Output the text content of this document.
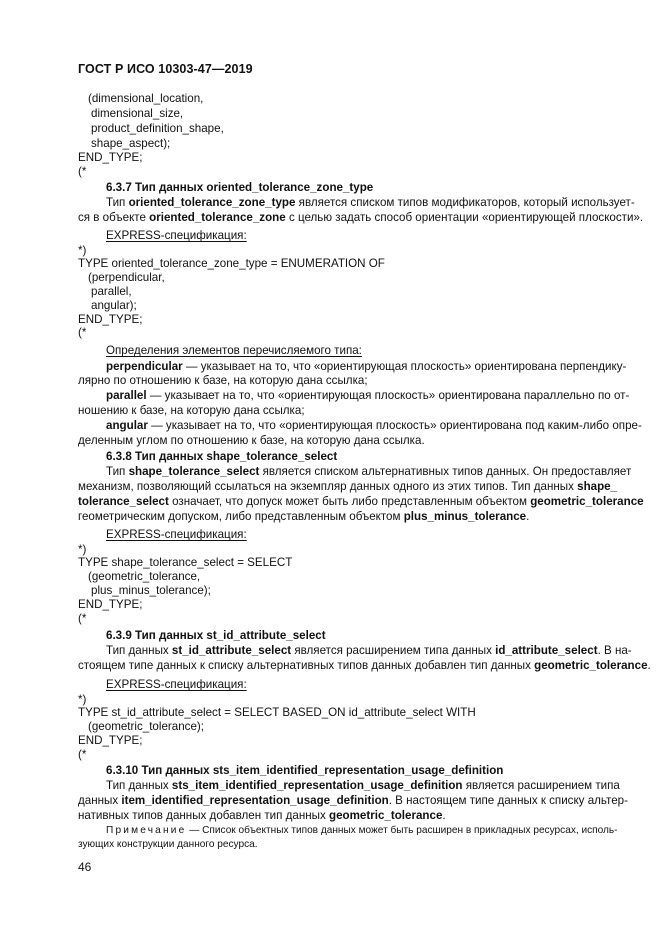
ГОСТ Р ИСО 10303-47—2019
(dimensional_location,
dimensional_size,
product_definition_shape,
shape_aspect);
END_TYPE;
(*
6.3.7 Тип данных oriented_tolerance_zone_type
Тип oriented_tolerance_zone_type является списком типов модификаторов, который использует-
ся в объекте oriented_tolerance_zone с целью задать способ ориентации «ориентирующей плоскости».
EXPRESS-спецификация:
*)
TYPE oriented_tolerance_zone_type = ENUMERATION OF
(perpendicular,
parallel,
angular);
END_TYPE;
(*
Определения элементов перечисляемого типа:
perpendicular — указывает на то, что «ориентирующая плоскость» ориентирована перпендику-
лярно по отношению к базе, на которую дана ссылка;
parallel — указывает на то, что «ориентирующая плоскость» ориентирована параллельно по от-
ношению к базе, на которую дана ссылка;
angular — указывает на то, что «ориентирующая плоскость» ориентирована под каким-либо опре-
деленным углом по отношению к базе, на которую дана ссылка.
6.3.8 Тип данных shape_tolerance_select
Тип shape_tolerance_select является списком альтернативных типов данных. Он предоставляет
механизм, позволяющий ссылаться на экземпляр данных одного из этих типов. Тип данных shape_
tolerance_select означает, что допуск может быть либо представленным объектом geometric_tolerance
геометрическим допуском, либо представленным объектом plus_minus_tolerance.
EXPRESS-спецификация:
*)
TYPE shape_tolerance_select = SELECT
(geometric_tolerance,
plus_minus_tolerance);
END_TYPE;
(*
6.3.9 Тип данных st_id_attribute_select
Тип данных st_id_attribute_select является расширением типа данных id_attribute_select. В на-
стоящем типе данных к списку альтернативных типов данных добавлен тип данных geometric_tolerance.
EXPRESS-спецификация:
*)
TYPE st_id_attribute_select = SELECT BASED_ON id_attribute_select WITH
(geometric_tolerance);
END_TYPE;
(*
6.3.10 Тип данных sts_item_identified_representation_usage_definition
Тип данных sts_item_identified_representation_usage_definition является расширением типа
данных item_identified_representation_usage_definition. В настоящем типе данных к списку альтер-
нативных типов данных добавлен тип данных geometric_tolerance.
Примечание — Список объектных типов данных может быть расширен в прикладных ресурсах, исполь-
зующих конструкции данного ресурса.
46
